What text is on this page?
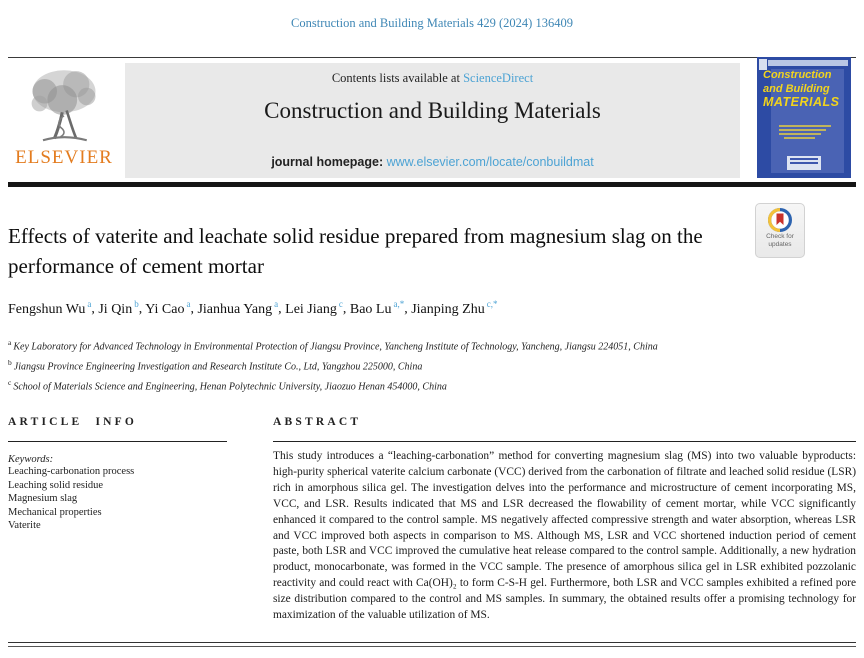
Construction and Building Materials 429 (2024) 136409
ELSEVIER
Contents lists available at ScienceDirect
Construction and Building Materials
journal homepage: www.elsevier.com/locate/conbuildmat
Construction
and Building
MATERIALS
Effects of vaterite and leachate solid residue prepared from magnesium slag on the performance of cement mortar
Check for
updates
Fengshun Wu $^a$, Ji Qin $^b$, Yi Cao $^a$, Jianhua Yang $^a$, Lei Jiang $^c$, Bao Lu $^{a,*}$, Jianping Zhu $^{c,*}$
$^a$ Key Laboratory for Advanced Technology in Environmental Protection of Jiangsu Province, Yancheng Institute of Technology, Yancheng, Jiangsu 224051, China
$^b$ Jiangsu Province Engineering Investigation and Research Institute Co., Ltd, Yangzhou 225000, China
$^c$ School of Materials Science and Engineering, Henan Polytechnic University, Jiaozuo Henan 454000, China
ARTICLE INFO
Keywords:
Leaching-carbonation process
Leaching solid residue
Magnesium slag
Mechanical properties
Vaterite
ABSTRACT
This study introduces a “leaching-carbonation” method for converting magnesium slag (MS) into two valuable byproducts: high-purity spherical vaterite calcium carbonate (VCC) derived from the carbonation of filtrate and leached solid residue (LSR) rich in amorphous silica gel. The investigation delves into the performance and microstructure of cement incorporating MS, VCC, and LSR. Results indicated that MS and LSR decreased the flowability of cement mortar, while VCC significantly enhanced it compared to the control sample. MS negatively affected compressive strength and water absorption, whereas LSR and VCC improved both aspects in comparison to MS. Although MS, LSR and VCC shortened induction period of cement paste, both LSR and VCC improved the cumulative heat release compared to the control sample. Additionally, a new hydration product, monocarbonate, was formed in the VCC sample. The presence of amorphous silica gel in LSR exhibited pozzolanic reactivity and could react with Ca(OH)₂ to form C-S-H gel. Furthermore, both LSR and VCC samples exhibited a refined pore size distribution compared to the control and MS samples. In summary, the obtained results offer a promising technology for maximization of the valuable utilization of MS.
